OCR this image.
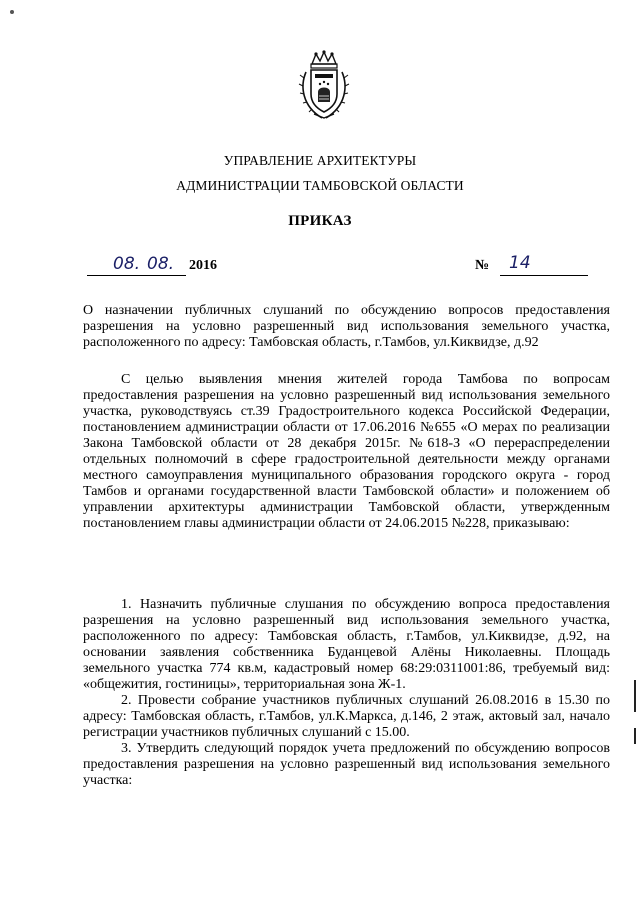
УПРАВЛЕНИЕ АРХИТЕКТУРЫ
АДМИНИСТРАЦИИ ТАМБОВСКОЙ ОБЛАСТИ
ПРИКАЗ
08. 08. 2016	№ 14
О назначении публичных слушаний по обсуждению вопросов предоставления разрешения на условно разрешенный вид использования земельного участка, расположенного по адресу: Тамбовская область, г.Тамбов, ул.Киквидзе, д.92

С целью выявления мнения жителей города Тамбова по вопросам предоставления разрешения на условно разрешенный вид использования земельного участка, руководствуясь ст.39 Градостроительного кодекса Российской Федерации, постановлением администрации области от 17.06.2016 №655 «О мерах по реализации Закона Тамбовской области от 28 декабря 2015г. №618-З «О перераспределении отдельных полномочий в сфере градостроительной деятельности между органами местного самоуправления муниципального образования городского округа - город Тамбов и органами государственной власти Тамбовской области» и положением об управлении архитектуры администрации Тамбовской области, утвержденным постановлением главы администрации области от 24.06.2015 №228, приказываю:

1. Назначить публичные слушания по обсуждению вопроса предоставления разрешения на условно разрешенный вид использования земельного участка, расположенного по адресу: Тамбовская область, г.Тамбов, ул.Киквидзе, д.92, на основании заявления собственника Буданцевой Алёны Николаевны. Площадь земельного участка 774 кв.м, кадастровый номер 68:29:0311001:86, требуемый вид: «общежития, гостиницы», территориальная зона Ж-1.

2. Провести собрание участников публичных слушаний 26.08.2016 в 15.30 по адресу: Тамбовская область, г.Тамбов, ул.К.Маркса, д.146, 2 этаж, актовый зал, начало регистрации участников публичных слушаний с 15.00.

3. Утвердить следующий порядок учета предложений по обсуждению вопросов предоставления разрешения на условно разрешенный вид использования земельного участка:
